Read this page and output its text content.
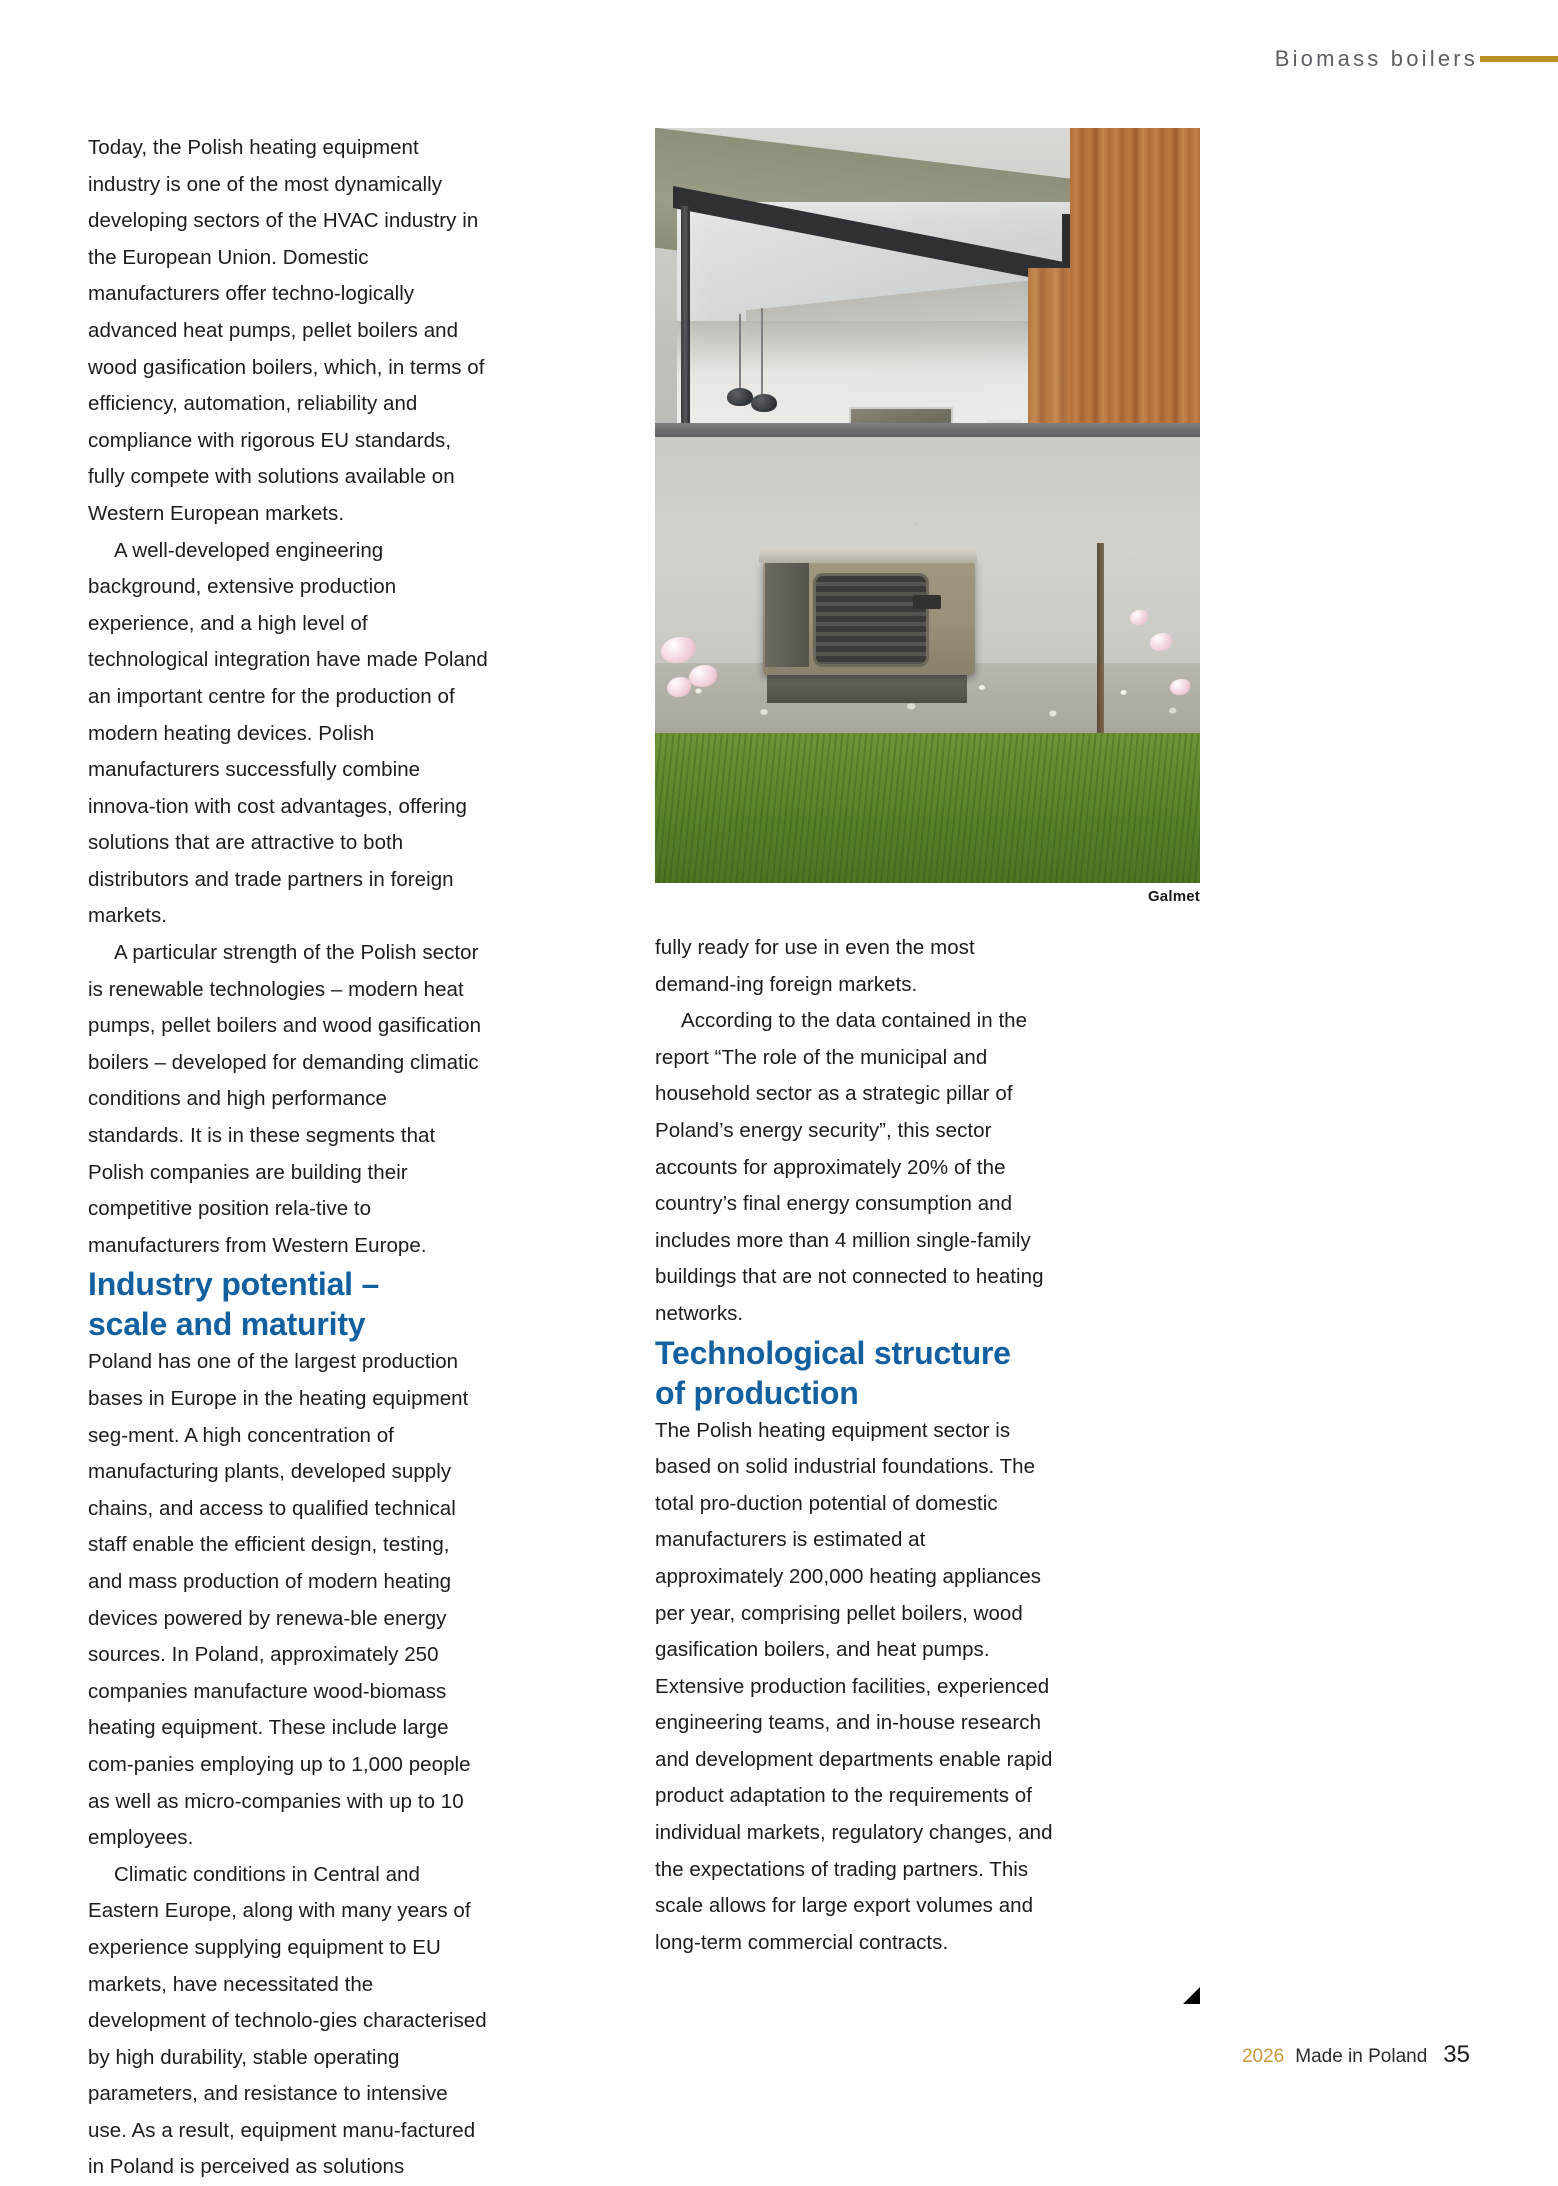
Biomass boilers
Galmet

Today, the Polish heating equipment industry is one of the most dynamically developing sectors of the HVAC industry in the European Union. Domestic manufacturers offer techno-logically advanced heat pumps, pellet boilers and wood gasification boilers, which, in terms of efficiency, automation, reliability and compliance with rigorous EU standards, fully compete with solutions available on Western European markets.

A well-developed engineering background, extensive production experience, and a high level of technological integration have made Poland an important centre for the production of modern heating devices. Polish manufacturers successfully combine innova-tion with cost advantages, offering solutions that are attractive to both distributors and trade partners in foreign markets.

A particular strength of the Polish sector is renewable technologies – modern heat pumps, pellet boilers and wood gasification boilers – developed for demanding climatic conditions and high performance standards. It is in these segments that Polish companies are building their competitive position rela-tive to manufacturers from Western Europe.

Industry potential –
scale and maturity

Poland has one of the largest production bases in Europe in the heating equipment seg-ment. A high concentration of manufacturing plants, developed supply chains, and access to qualified technical staff enable the efficient design, testing, and mass production of modern heating devices powered by renewa-ble energy sources. In Poland, approximately 250 companies manufacture wood-biomass heating equipment. These include large com-panies employing up to 1,000 people as well as micro-companies with up to 10 employees.

Climatic conditions in Central and Eastern Europe, along with many years of experience supplying equipment to EU markets, have necessitated the development of technolo-gies characterised by high durability, stable operating parameters, and resistance to intensive use. As a result, equipment manu-factured in Poland is perceived as solutions

fully ready for use in even the most demand-ing foreign markets.

According to the data contained in the report “The role of the municipal and household sector as a strategic pillar of Poland’s energy security”, this sector accounts for approximately 20% of the country’s final energy consumption and includes more than 4 million single-family buildings that are not connected to heating networks.

Technological structure
of production

The Polish heating equipment sector is based on solid industrial foundations. The total pro-duction potential of domestic manufacturers is estimated at approximately 200,000 heating appliances per year, comprising pellet boilers, wood gasification boilers, and heat pumps. Extensive production facilities, experienced engineering teams, and in-house research and development departments enable rapid product adaptation to the requirements of individual markets, regulatory changes, and the expectations of trading partners. This scale allows for large export volumes and long-term commercial contracts.

2026 Made in Poland 35
